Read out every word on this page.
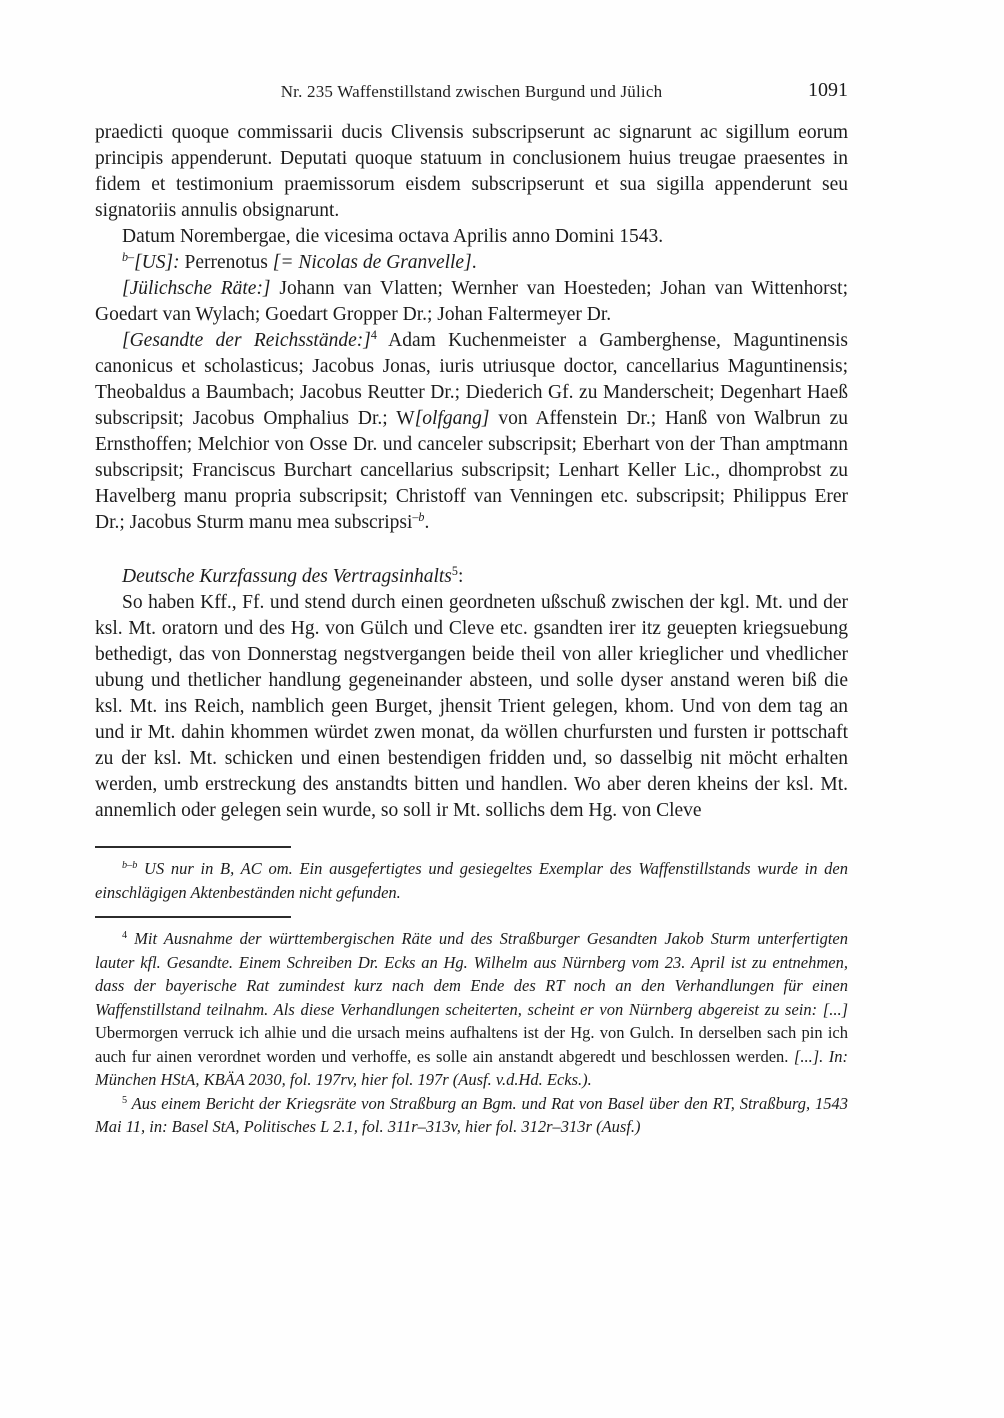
Nr. 235 Waffenstillstand zwischen Burgund und Jülich	1091

praedicti quoque commissarii ducis Clivensis subscripserunt ac signarunt ac sigillum eorum principis appenderunt. Deputati quoque statuum in conclusionem huius treugae praesentes in fidem et testimonium praemissorum eisdem subscripserunt et sua sigilla appenderunt seu signatoriis annulis obsignarunt.

Datum Norembergae, die vicesima octava Aprilis anno Domini 1543.

$^{b-}$[US]: Perrenotus [= Nicolas de Granvelle].

[Jülichsche Räte:] Johann van Vlatten; Wernher van Hoesteden; Johan van Wittenhorst; Goedart van Wylach; Goedart Gropper Dr.; Johan Faltermeyer Dr.

[Gesandte der Reichsstände:]$^4$ Adam Kuchenmeister a Gamberghense, Maguntinensis canonicus et scholasticus; Jacobus Jonas, iuris utriusque doctor, cancellarius Maguntinensis; Theobaldus a Baumbach; Jacobus Reutter Dr.; Diederich Gf. zu Manderscheit; Degenhart Haeß subscripsit; Jacobus Omphalius Dr.; W[olfgang] von Affenstein Dr.; Hanß von Walbrun zu Ernsthoffen; Melchior von Osse Dr. und canceler subscripsit; Eberhart von der Than amptmann subscripsit; Franciscus Burchart cancellarius subscripsit; Lenhart Keller Lic., dhomprobst zu Havelberg manu propria subscripsit; Christoff van Venningen etc. subscripsit; Philippus Erer Dr.; Jacobus Sturm manu mea subscripsi$^{-b}$.

Deutsche Kurzfassung des Vertragsinhalts$^5$:

So haben Kff., Ff. und stend durch einen geordneten ußschuß zwischen der kgl. Mt. und der ksl. Mt. oratorn und des Hg. von Gülch und Cleve etc. gsandten irer itz geuepten kriegsuebung bethedigt, das von Donnerstag negstvergangen beide theil von aller krieglicher und vhedlicher ubung und thetlicher handlung gegeneinander absteen, und solle dyser anstand weren biß die ksl. Mt. ins Reich, namblich geen Burget, jhensit Trient gelegen, khom. Und von dem tag an und ir Mt. dahin khommen würdet zwen monat, da wöllen churfursten und fursten ir pottschaft zu der ksl. Mt. schicken und einen bestendigen fridden und, so dasselbig nit möcht erhalten werden, umb erstreckung des anstandts bitten und handlen. Wo aber deren kheins der ksl. Mt. annemlich oder gelegen sein wurde, so soll ir Mt. sollichs dem Hg. von Cleve

$^{b-b}$ US nur in B, AC om. Ein ausgefertigtes und gesiegeltes Exemplar des Waffenstillstands wurde in den einschlägigen Aktenbeständen nicht gefunden.

$^4$ Mit Ausnahme der württembergischen Räte und des Straßburger Gesandten Jakob Sturm unterfertigten lauter kfl. Gesandte. Einem Schreiben Dr. Ecks an Hg. Wilhelm aus Nürnberg vom 23. April ist zu entnehmen, dass der bayerische Rat zumindest kurz nach dem Ende des RT noch an den Verhandlungen für einen Waffenstillstand teilnahm. Als diese Verhandlungen scheiterten, scheint er von Nürnberg abgereist zu sein: [...] Ubermorgen verruck ich alhie und die ursach meins aufhaltens ist der Hg. von Gulch. In derselben sach pin ich auch fur ainen verordnet worden und verhoffe, es solle ain anstandt abgeredt und beschlossen werden. [...]. In: München HStA, KBÄA 2030, fol. 197rv, hier fol. 197r (Ausf. v.d.Hd. Ecks.).

$^5$ Aus einem Bericht der Kriegsräte von Straßburg an Bgm. und Rat von Basel über den RT, Straßburg, 1543 Mai 11, in: Basel StA, Politisches L 2.1, fol. 311r–313v, hier fol. 312r–313r (Ausf.)
